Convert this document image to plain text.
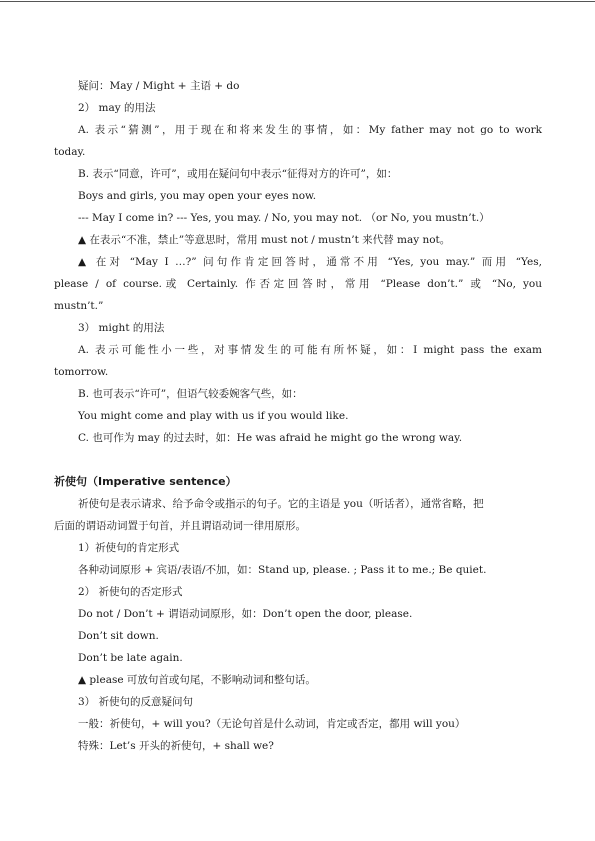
疑问：May / Might + 主语 + do
2） may 的用法
A. 表示“猜测”，用于现在和将来发生的事情，如：My father may not go to work
today.
B. 表示“同意，许可”，或用在疑问句中表示“征得对方的许可”，如：
Boys and girls, you may open your eyes now.
--- May I come in? --- Yes, you may. / No, you may not. （or No, you mustn’t.）
▲ 在表示“不准，禁止”等意思时，常用 must not / mustn’t 来代替 may not。
▲ 在对 “May I …?” 问句作肯定回答时，通常不用 “Yes, you may.” 而用 “Yes,
please / of course.或 Certainly. 作否定回答时，常用 “Please don’t.” 或 “No, you
mustn’t.”
3） might 的用法
A. 表示可能性小一些，对事情发生的可能有所怀疑，如：I might pass the exam
tomorrow.
B. 也可表示“许可”，但语气较委婉客气些，如：
You might come and play with us if you would like.
C. 也可作为 may 的过去时，如：He was afraid he might go the wrong way.
祈使句（Imperative sentence）
祈使句是表示请求、给予命令或指示的句子。它的主语是 you（听话者），通常省略，把
后面的谓语动词置于句首，并且谓语动词一律用原形。
1）祈使句的肯定形式
各种动词原形 + 宾语/表语/不加，如：Stand up, please. ; Pass it to me.; Be quiet.
2） 祈使句的否定形式
Do not / Don’t + 谓语动词原形，如：Don’t open the door, please.
Don’t sit down.
Don’t be late again.
▲ please 可放句首或句尾，不影响动词和整句话。
3） 祈使句的反意疑问句
一般：祈使句，+ will you?（无论句首是什么动词，肯定或否定，都用 will you）
特殊：Let’s 开头的祈使句，+ shall we?
